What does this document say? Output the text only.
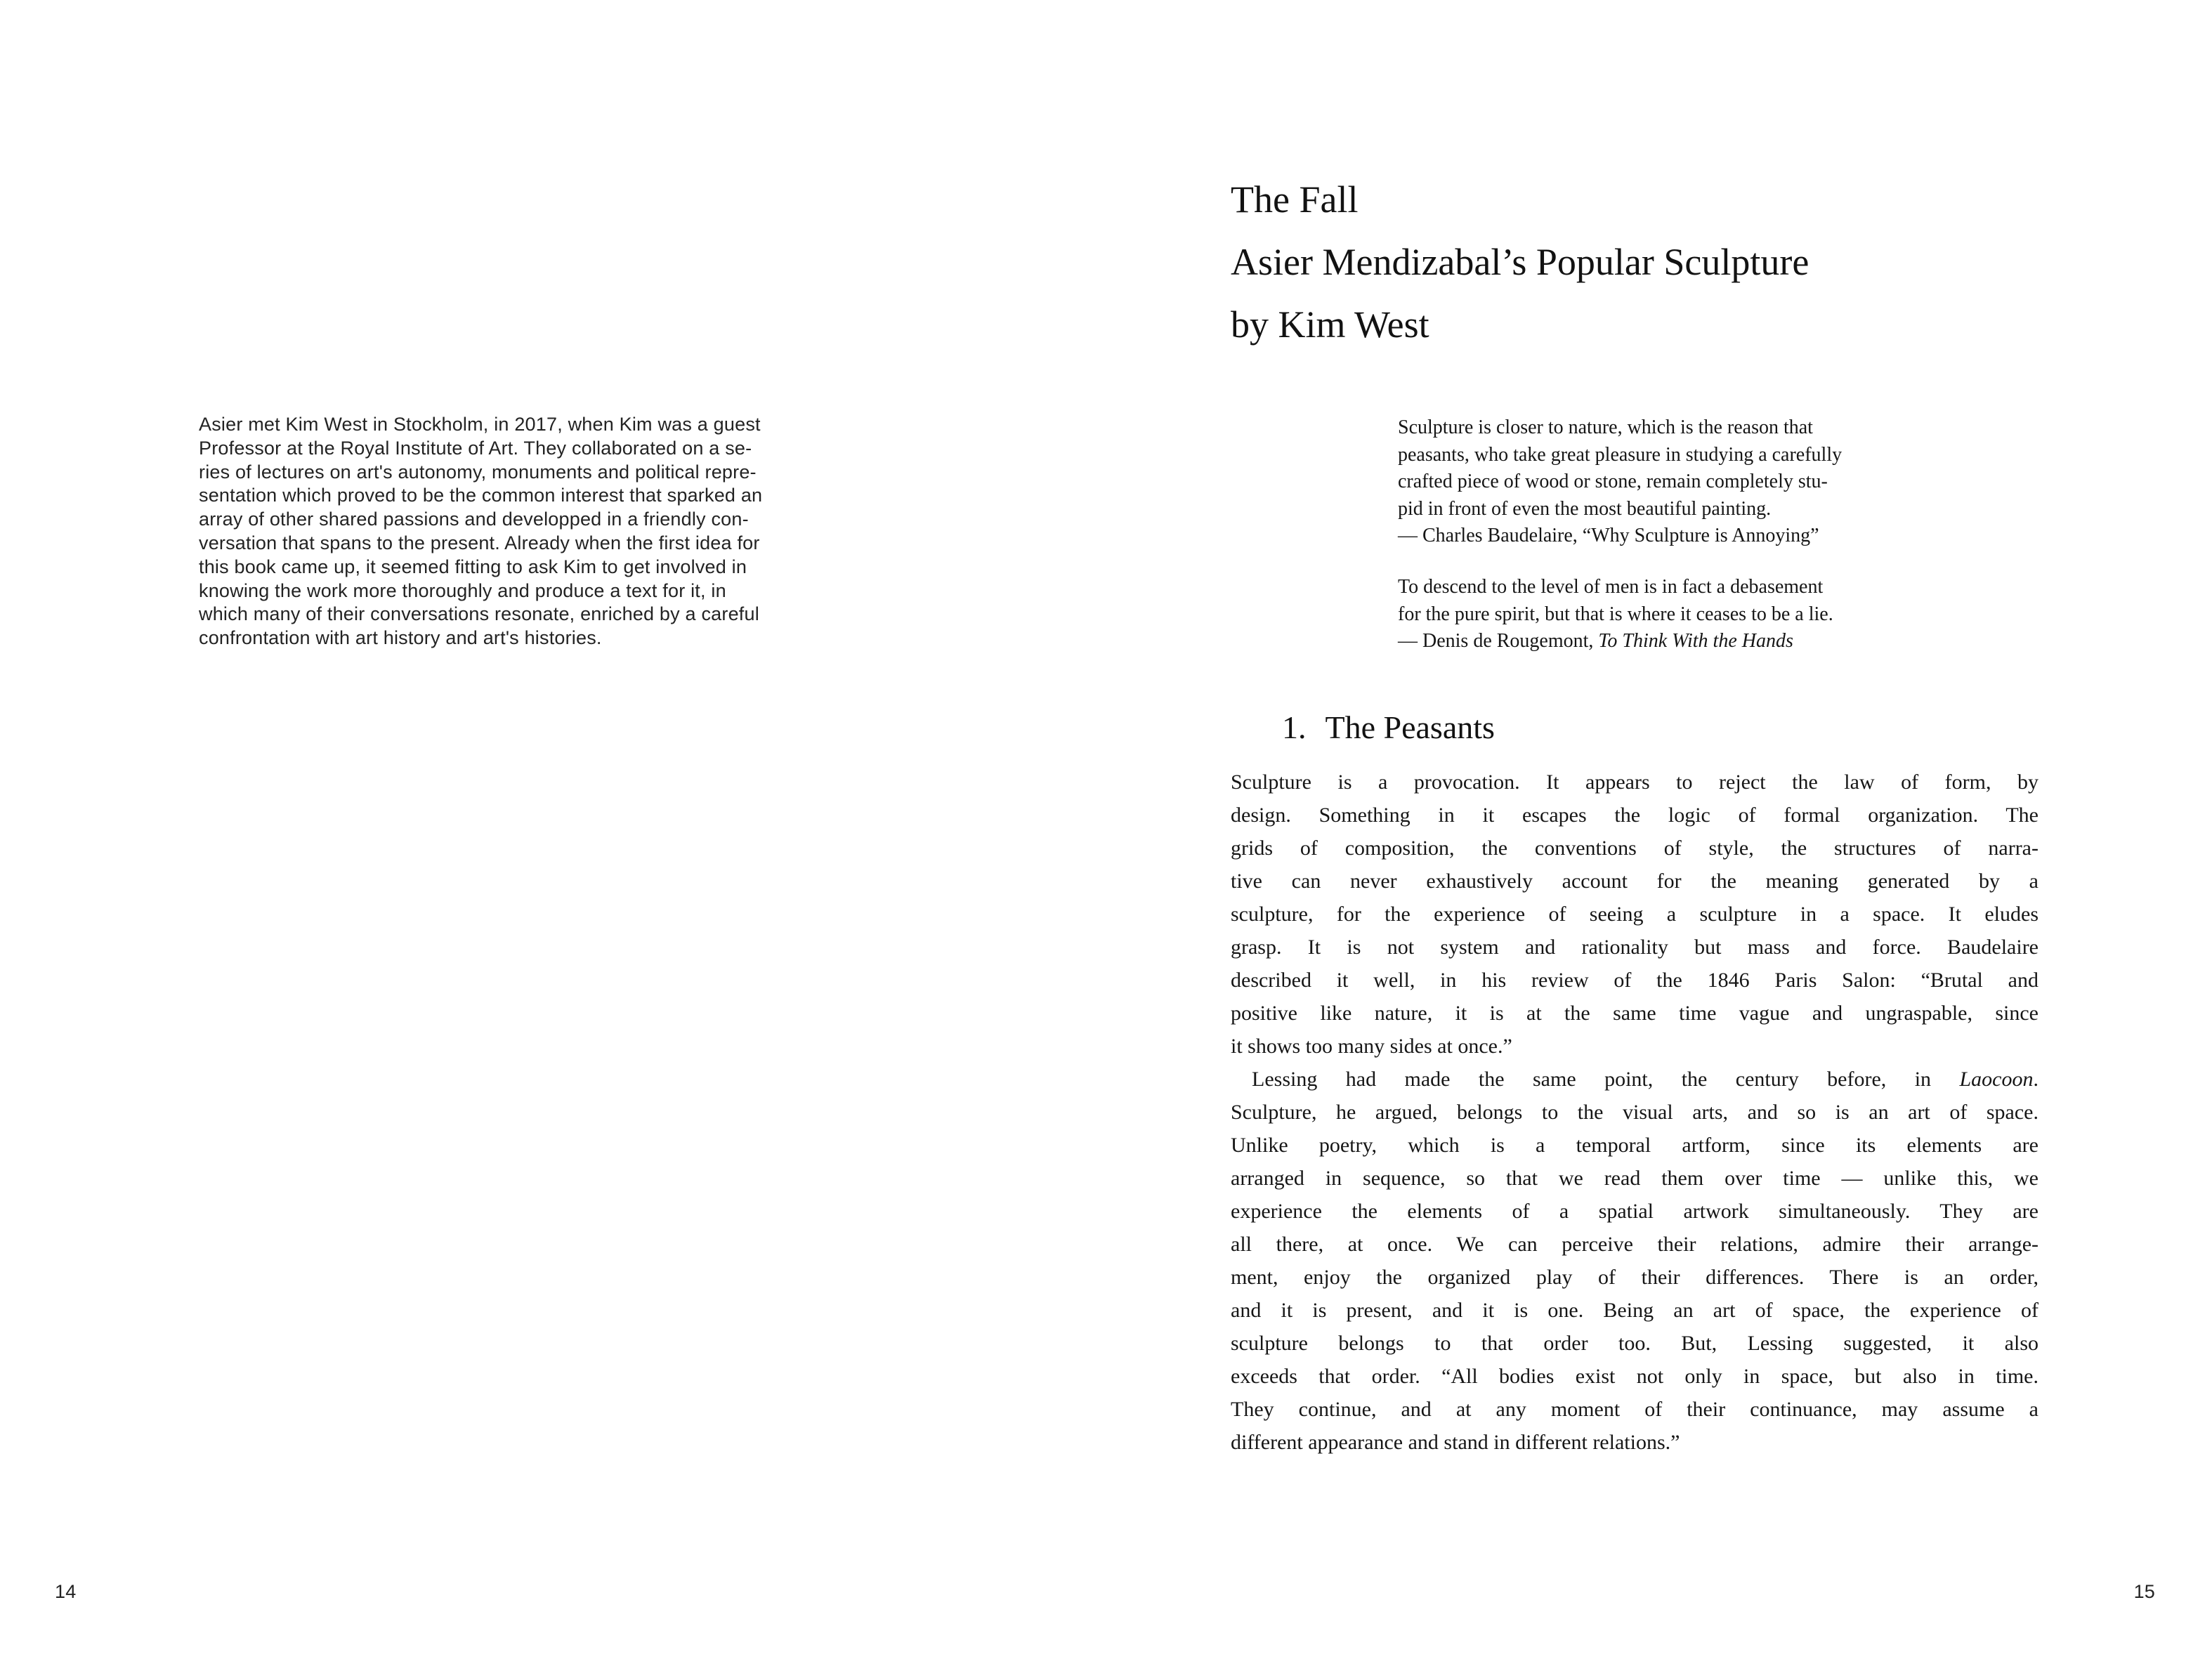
Asier met Kim West in Stockholm, in 2017, when Kim was a guest
Professor at the Royal Institute of Art. They collaborated on a se-
ries of lectures on art's autonomy, monuments and political repre-
sentation which proved to be the common interest that sparked an
array of other shared passions and developped in a friendly con-
versation that spans to the present. Already when the first idea for
this book came up, it seemed fitting to ask Kim to get involved in
knowing the work more thoroughly and produce a text for it, in
which many of their conversations resonate, enriched by a careful
confrontation with art history and art's histories.
14
The Fall
Asier Mendizabal’s Popular Sculpture
by Kim West
Sculpture is closer to nature, which is the reason that
peasants, who take great pleasure in studying a carefully
crafted piece of wood or stone, remain completely stu-
pid in front of even the most beautiful painting.
— Charles Baudelaire, “Why Sculpture is Annoying”
To descend to the level of men is in fact a debasement
for the pure spirit, but that is where it ceases to be a lie.
— Denis de Rougemont, To Think With the Hands
1. The Peasants
Sculpture is a provocation. It appears to reject the law of form, by
design. Something in it escapes the logic of formal organization. The
grids of composition, the conventions of style, the structures of narra-
tive can never exhaustively account for the meaning generated by a
sculpture, for the experience of seeing a sculpture in a space. It eludes
grasp. It is not system and rationality but mass and force. Baudelaire
described it well, in his review of the 1846 Paris Salon: “Brutal and
positive like nature, it is at the same time vague and ungraspable, since
it shows too many sides at once.”
Lessing had made the same point, the century before, in Laocoon.
Sculpture, he argued, belongs to the visual arts, and so is an art of space.
Unlike poetry, which is a temporal artform, since its elements are
arranged in sequence, so that we read them over time — unlike this, we
experience the elements of a spatial artwork simultaneously. They are
all there, at once. We can perceive their relations, admire their arrange-
ment, enjoy the organized play of their differences. There is an order,
and it is present, and it is one. Being an art of space, the experience of
sculpture belongs to that order too. But, Lessing suggested, it also
exceeds that order. “All bodies exist not only in space, but also in time.
They continue, and at any moment of their continuance, may assume a
different appearance and stand in different relations.”
15
